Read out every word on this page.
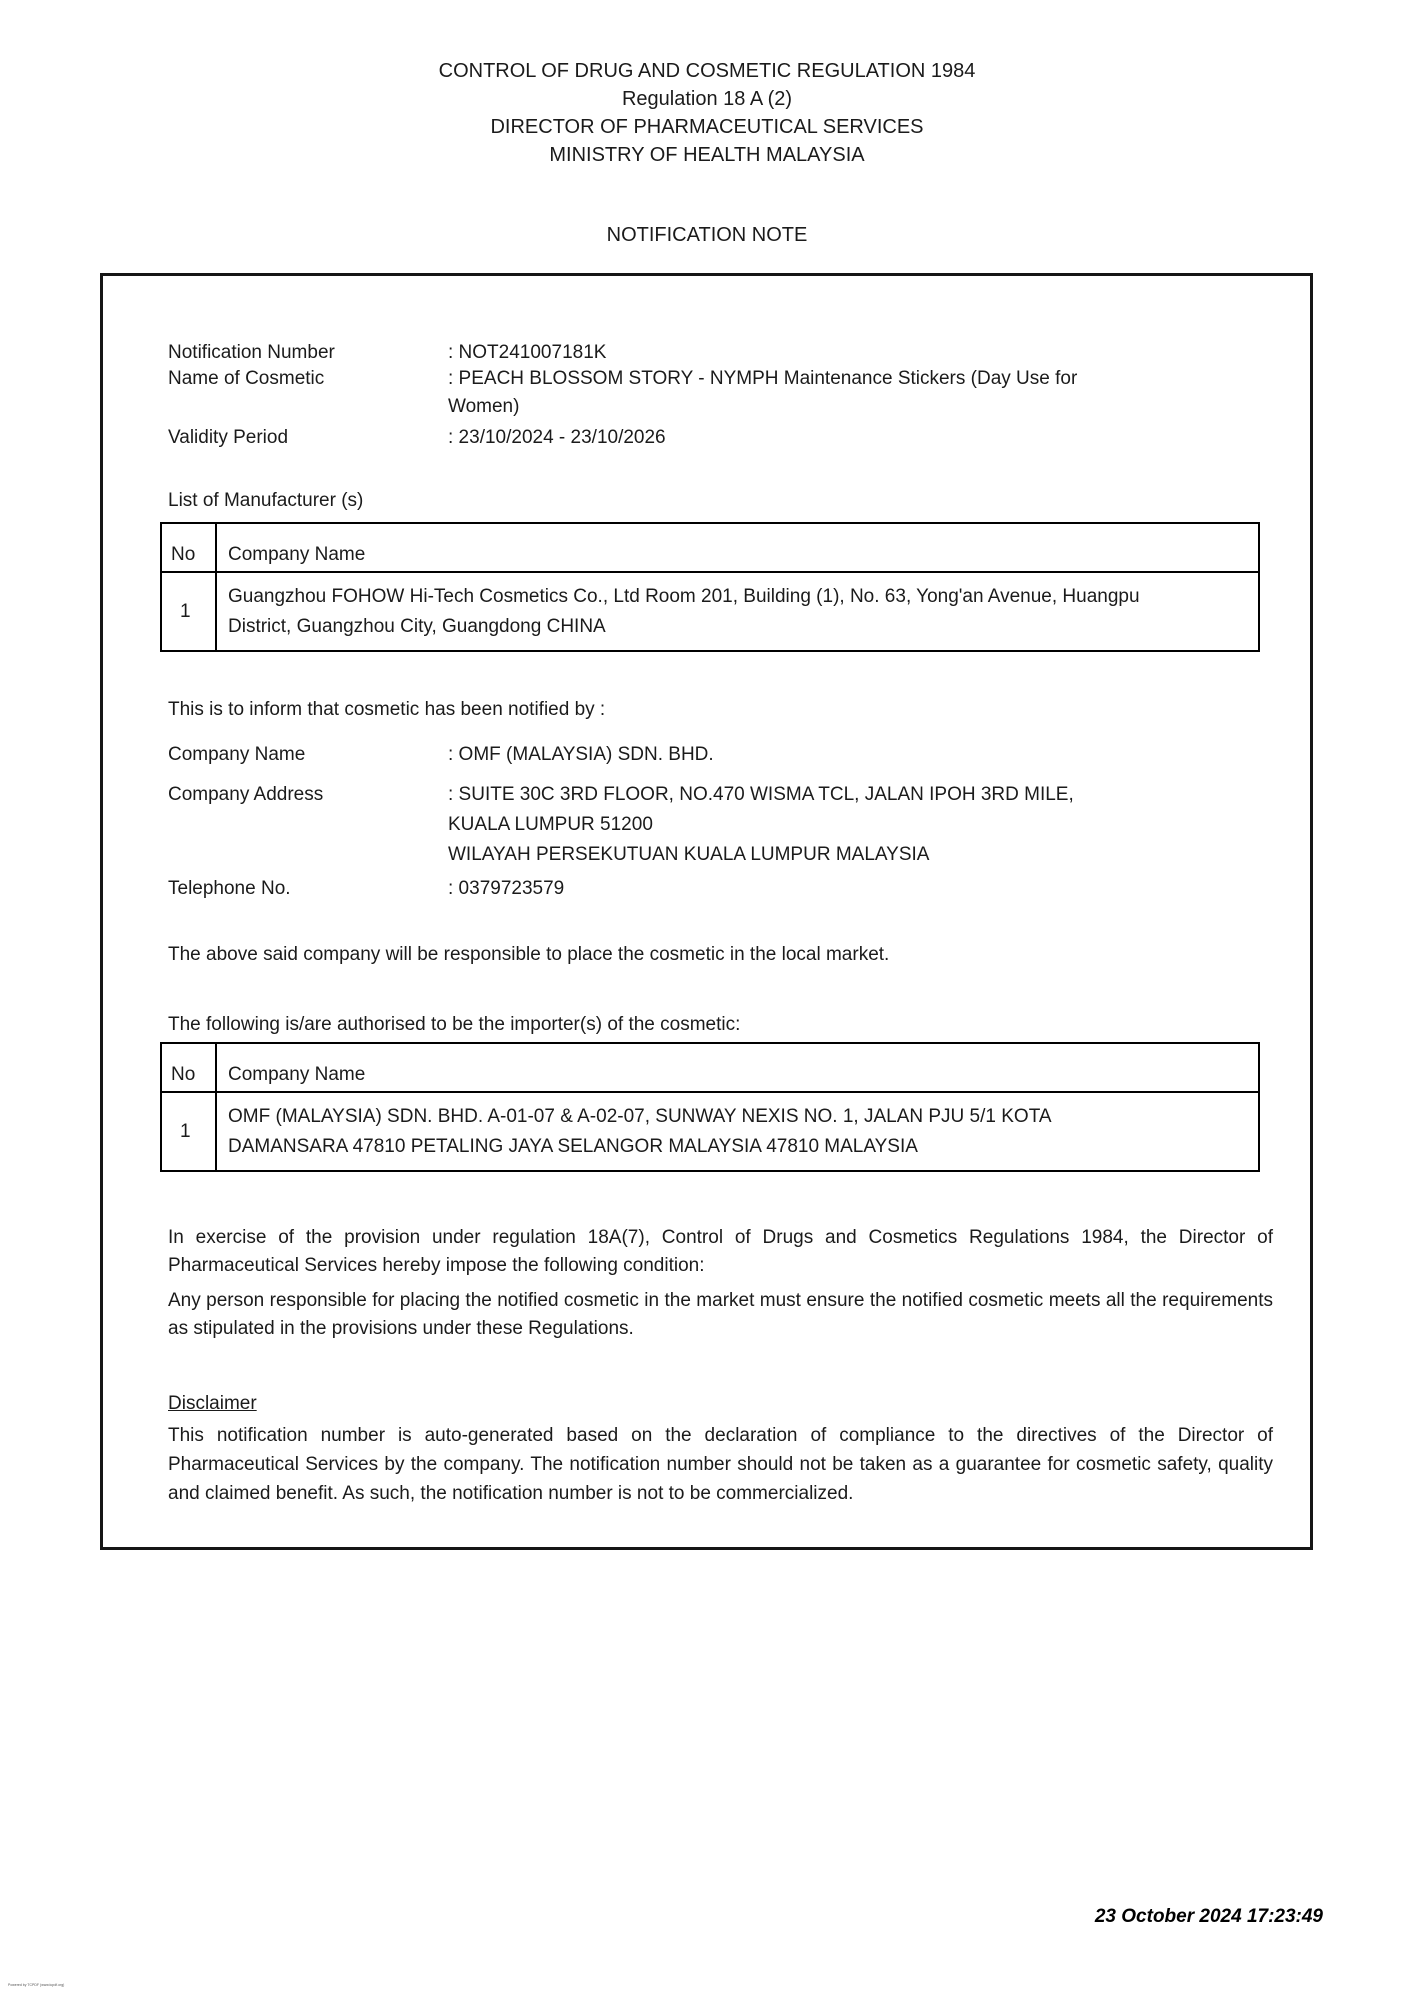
CONTROL OF DRUG AND COSMETIC REGULATION 1984
Regulation 18 A (2)
DIRECTOR OF PHARMACEUTICAL SERVICES
MINISTRY OF HEALTH MALAYSIA
NOTIFICATION NOTE
Notification Number	: NOT241007181K
Name of Cosmetic	: PEACH BLOSSOM STORY - NYMPH Maintenance Stickers (Day Use for Women)
Validity Period	: 23/10/2024 - 23/10/2026
List of Manufacturer (s)
No	Company Name
1	Guangzhou FOHOW Hi-Tech Cosmetics Co., Ltd Room 201, Building (1), No. 63, Yong'an Avenue, Huangpu District, Guangzhou City, Guangdong CHINA
This is to inform that cosmetic has been notified by :
Company Name	: OMF (MALAYSIA) SDN. BHD.
Company Address	: SUITE 30C 3RD FLOOR, NO.470 WISMA TCL, JALAN IPOH 3RD MILE,
KUALA LUMPUR 51200
WILAYAH PERSEKUTUAN KUALA LUMPUR MALAYSIA
Telephone No.	: 0379723579
The above said company will be responsible to place the cosmetic in the local market.
The following is/are authorised to be the importer(s) of the cosmetic:
No	Company Name
1	OMF (MALAYSIA) SDN. BHD. A-01-07 & A-02-07, SUNWAY NEXIS NO. 1, JALAN PJU 5/1 KOTA DAMANSARA 47810 PETALING JAYA SELANGOR MALAYSIA 47810 MALAYSIA
In exercise of the provision under regulation 18A(7), Control of Drugs and Cosmetics Regulations 1984, the Director of Pharmaceutical Services hereby impose the following condition:
Any person responsible for placing the notified cosmetic in the market must ensure the notified cosmetic meets all the requirements as stipulated in the provisions under these Regulations.
Disclaimer
This notification number is auto-generated based on the declaration of compliance to the directives of the Director of Pharmaceutical Services by the company. The notification number should not be taken as a guarantee for cosmetic safety, quality and claimed benefit. As such, the notification number is not to be commercialized.
23 October 2024 17:23:49
Powered by TCPDF (www.tcpdf.org)
